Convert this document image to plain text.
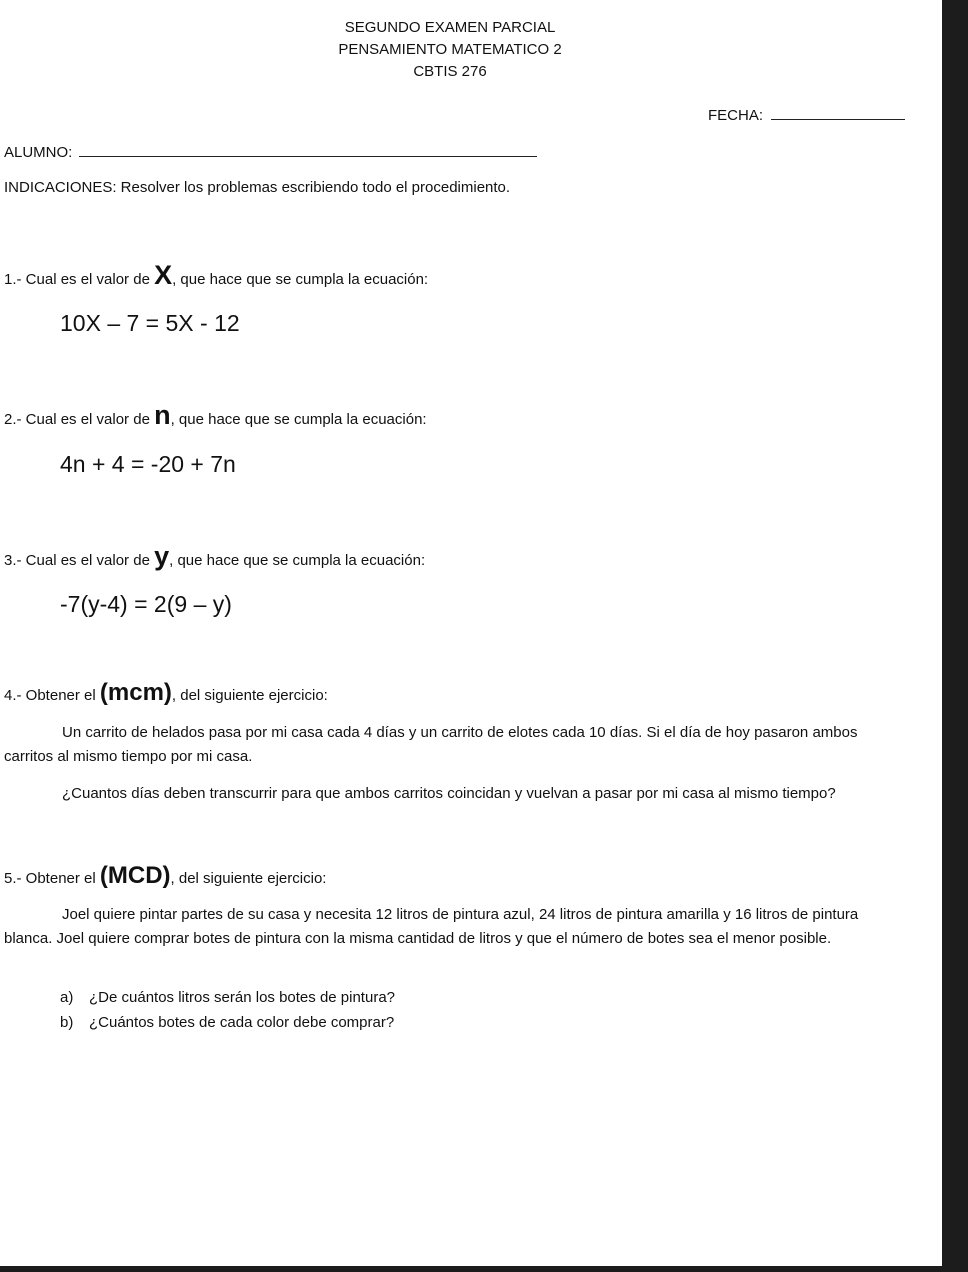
SEGUNDO EXAMEN PARCIAL
PENSAMIENTO MATEMATICO 2
CBTIS 276
FECHA:
ALUMNO:
INDICACIONES: Resolver los problemas escribiendo todo el procedimiento.
1.- Cual es el valor de X, que hace que se cumpla la ecuación:
10X – 7 = 5X - 12
2.- Cual es el valor de n, que hace que se cumpla la ecuación:
4n + 4 = -20 + 7n
3.- Cual es el valor de y, que hace que se cumpla la ecuación:
-7(y-4) = 2(9 – y)
4.- Obtener el (mcm), del siguiente ejercicio:
Un carrito de helados pasa por mi casa cada 4 días y un carrito de elotes cada 10 días. Si el día de hoy pasaron ambos carritos al mismo tiempo por mi casa.
¿Cuantos días deben transcurrir para que ambos carritos coincidan y vuelvan a pasar por mi casa al mismo tiempo?
5.- Obtener el (MCD), del siguiente ejercicio:
Joel quiere pintar partes de su casa y necesita 12 litros de pintura azul, 24 litros de pintura amarilla y 16 litros de pintura blanca. Joel quiere comprar botes de pintura con la misma cantidad de litros y que el número de botes sea el menor posible.
a) ¿De cuántos litros serán los botes de pintura?
b) ¿Cuántos botes de cada color debe comprar?
